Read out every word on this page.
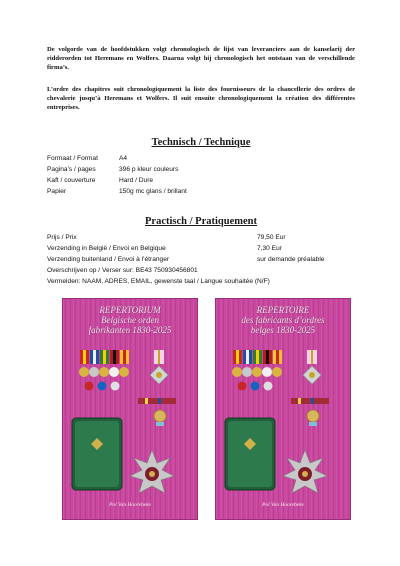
De volgorde van de hoofdstukken volgt chronologisch de lijst van leveranciers aan de kanselarij der ridderorden tot Heremans en Wolfers. Daarna volgt hij chronologisch het ontstaan van de verschillende firma’s.

L’ordre des chapitres suit chronologiquement la liste des fournisseurs de la chancellerie des ordres de chevalerie jusqu’à Heremans et Wolfers. Il suit ensuite chronologiquement la création des différentes entreprises.

Technisch / Technique
Formaat / Format	A4
Pagina’s / pages	396 p kleur couleurs
Kaft / couverture	Hard / Dure
Papier	150g mc glans / brillant
Practisch / Pratiquement
Prijs / Prix	79,50 Eur
Verzending in België / Envoi en Belgique	7,30 Eur
Verzending buitenland / Envoi à l’étranger	sur demande préalable
Overschrijven op / Verser sur: BE43 750930456801
Vermelden: NAAM, ADRES, EMAIL, gewenste taal / Langue souhaitée (N/F)
REPERTORIUM
Belgische orden
fabrikanten 1830-2025
Pol Van Hoorebeke
REPERTOIRE
des fabricants d’ordres
belges 1830-2025
Pol Van Hoorebeke
